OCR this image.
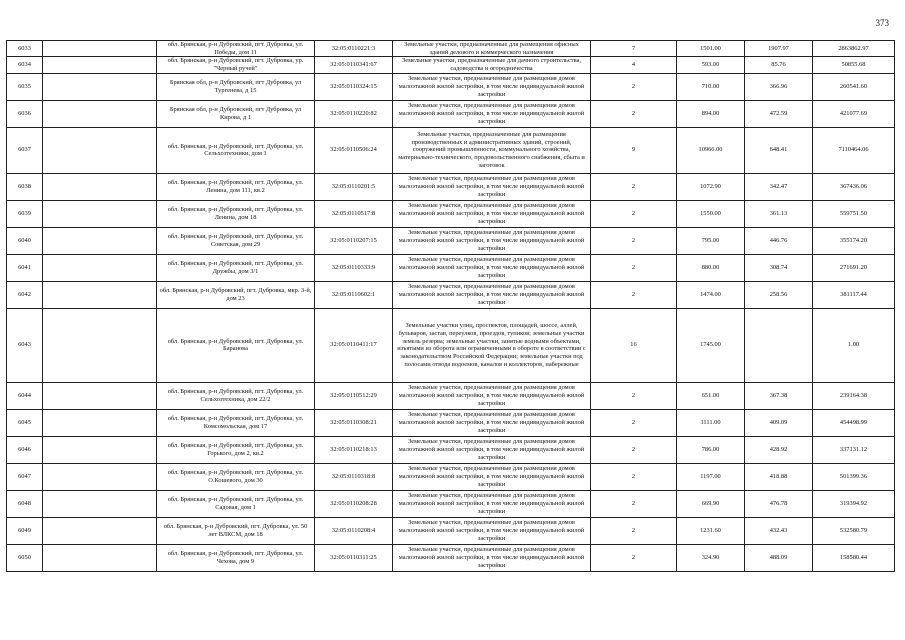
373
6033		обл. Брянская, р-н Дубровский, пгт. Дубровка, ул. Победы, дом 11	32:05:0110221:3	Земельные участки, предназначенные для размещения офисных зданий делового и коммерческого назначения	7	1501.00	1907.97	2863862.97
6034		обл. Брянская, р-н Дубровский, пгт. Дубровка, ур. "Черный ручей"	32:05:0110341:67	Земельные участки, предназначенные для дачного строительства, садоводства и огородничества	4	593.00	85.76	50855.68
6035		Брянская обл, р-н Дубровский, пгт Дубровка, ул Тургенева, д 15	32:05:0110324:15	Земельные участки, предназначенные для размещения домов малоэтажной жилой застройки, в том числе индивидуальной жилой застройки	2	710.00	366.96	260541.60
6036		Брянская обл, р-н Дубровский, пгт Дубровка, ул Кирова, д 1	32:05:0110220:82	Земельные участки, предназначенные для размещения домов малоэтажной жилой застройки, в том числе индивидуальной жилой застройки	2	894.00	472.59	421077.69
6037		обл. Брянская, р-н Дубровский, пгт. Дубровка, ул. Сельхозтехники, дом 1	32:05:0110506:24	Земельные участки, предназначенные для размещения производственных и административных зданий, строений, сооружений промышленности, коммунального хозяйства, материально-технического, продовольственного снабжения, сбыта и заготовок	9	10966.00	648.41	7110464.06
6038		обл. Брянская, р-н Дубровский, пгт. Дубровка, ул. Ленина, дом 111, кв.2	32:05:0110201:5	Земельные участки, предназначенные для размещения домов малоэтажной жилой застройки, в том числе индивидуальной жилой застройки	2	1072.90	342.47	367436.06
6039		обл. Брянская, р-н Дубровский, пгт. Дубровка, ул. Ленина, дом 18	32:05:0110517:8	Земельные участки, предназначенные для размещения домов малоэтажной жилой застройки, в том числе индивидуальной жилой застройки	2	1550.00	361.13	559751.50
6040		обл. Брянская, р-н Дубровский, пгт. Дубровка, ул. Советская, дом 29	32:05:0110207:15	Земельные участки, предназначенные для размещения домов малоэтажной жилой застройки, в том числе индивидуальной жилой застройки	2	795.00	446.76	355174.20
6041		обл. Брянская, р-н Дубровский, пгт. Дубровка, ул. Дружбы, дом 3/1	32:05:0110333:9	Земельные участки, предназначенные для размещения домов малоэтажной жилой застройки, в том числе индивидуальной жилой застройки	2	880.00	308.74	271691.20
6042		обл. Брянская, р-н Дубровский, пгт. Дубровка, мкр. 3-й, дом 23	32:05:0110602:1	Земельные участки, предназначенные для размещения домов малоэтажной жилой застройки, в том числе индивидуальной жилой застройки	2	1474.00	258.56	381117.44
6043		обл. Брянская, р-н Дубровский, пгт. Дубровка, ул. Баранова	32:05:0110411:17	Земельные участки улиц, проспектов, площадей, шоссе, аллей, бульваров, застав, переулков, проездов, тупиков; земельные участки земель резерва; земельные участки, занятые водными объектами, изъятыми из оборота или ограниченными в обороте в соответствии с законодательством Российской Федерации; земельные участки под полосами отвода водоемов, каналов и коллекторов, набережные	16	1745.00		1.00
6044		обл. Брянская, р-н Дубровский, пгт. Дубровка, ул. Сельхозтехника, дом 22/2	32:05:0110512:29	Земельные участки, предназначенные для размещения домов малоэтажной жилой застройки, в том числе индивидуальной жилой застройки	2	651.00	367.38	239164.38
6045		обл. Брянская, р-н Дубровский, пгт. Дубровка, ул. Комсомольская, дом 17	32:05:0110308:21	Земельные участки, предназначенные для размещения домов малоэтажной жилой застройки, в том числе индивидуальной жилой застройки	2	1111.00	409.09	454498.99
6046		обл. Брянская, р-н Дубровский, пгт. Дубровка, ул. Горького, дом 2, кв.2	32:05:0110218:13	Земельные участки, предназначенные для размещения домов малоэтажной жилой застройки, в том числе индивидуальной жилой застройки	2	786.00	428.92	337131.12
6047		обл. Брянская, р-н Дубровский, пгт. Дубровка, ул. О.Кошевого, дом 30	32:05:0110318:8	Земельные участки, предназначенные для размещения домов малоэтажной жилой застройки, в том числе индивидуальной жилой застройки	2	1197.00	418.88	501399.36
6048		обл. Брянская, р-н Дубровский, пгт. Дубровка, ул. Садовая, дом 1	32:05:0110208:28	Земельные участки, предназначенные для размещения домов малоэтажной жилой застройки, в том числе индивидуальной жилой застройки	2	669.90	476.78	319394.92
6049		обл. Брянская, р-н Дубровский, пгт. Дубровка, ул. 50 лет ВЛКСМ, дом 18	32:05:0110208:4	Земельные участки, предназначенные для размещения домов малоэтажной жилой застройки, в том числе индивидуальной жилой застройки	2	1231.60	432.43	532580.79
6050		обл. Брянская, р-н Дубровский, пгт. Дубровка, ул. Чехова, дом 9	32:05:0110311:25	Земельные участки, предназначенные для размещения домов малоэтажной жилой застройки, в том числе индивидуальной жилой застройки	2	324.90	488.09	158580.44
